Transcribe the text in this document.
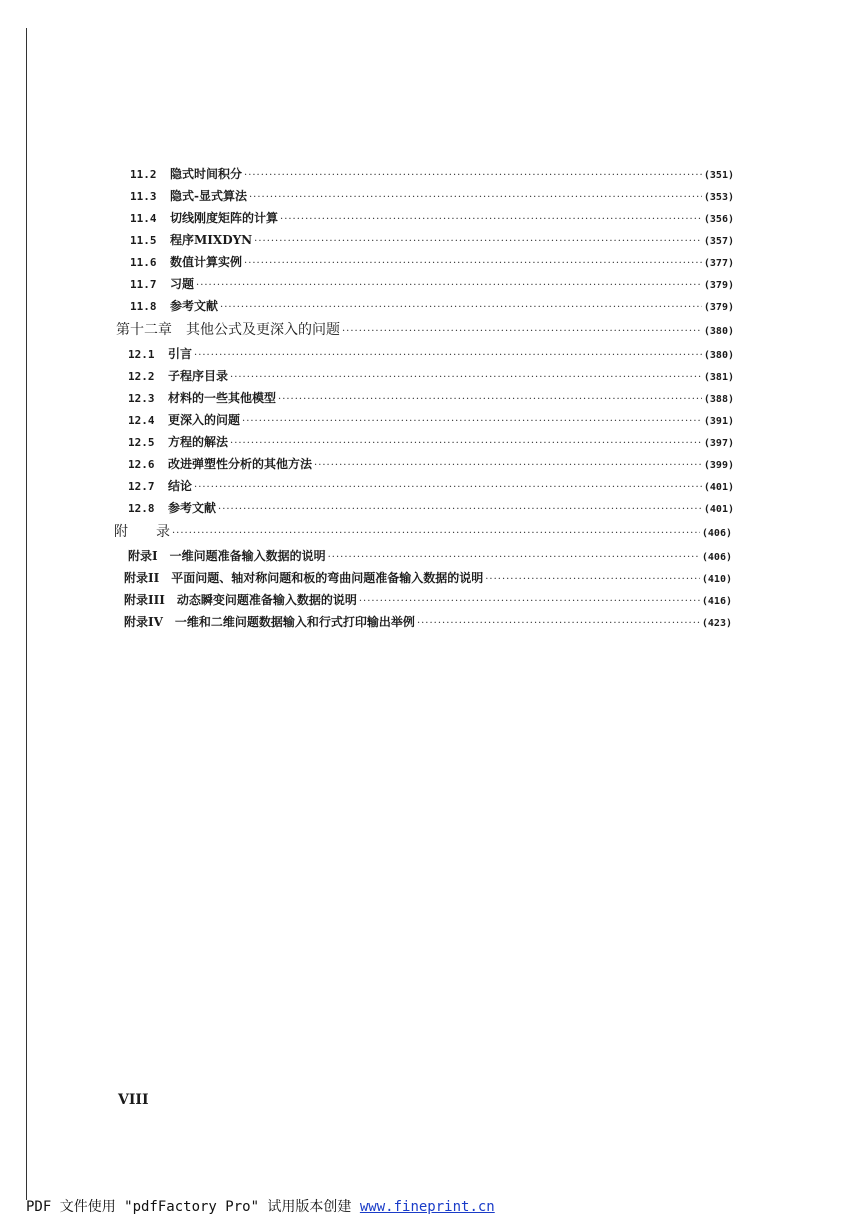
11.2	隐式时间积分 ·····	(351)
11.3	隐式-显式算法 ·····	(353)
11.4	切线刚度矩阵的计算 ·····	(356)
11.5	程序MIXDYN ·····	(357)
11.6	数值计算实例 ·····	(377)
11.7	习题 ·····	(379)
11.8	参考文献 ·····	(379)
第十二章　其他公式及更深入的问题 ·····	(380)
12.1	引言 ·····	(380)
12.2	子程序目录 ·····	(381)
12.3	材料的一些其他模型 ·····	(388)
12.4	更深入的问题 ·····	(391)
12.5	方程的解法 ·····	(397)
12.6	改进弹塑性分析的其他方法 ·····	(399)
12.7	结论 ·····	(401)
12.8	参考文献 ·····	(401)
附　　录 ·····	(406)
附录I　一维问题准备输入数据的说明 ·····	(406)
附录II　平面问题、轴对称问题和板的弯曲问题准备输入数据的说明 ·····	(410)
附录III　动态瞬变问题准备输入数据的说明 ·····	(416)
附录IV　一维和二维问题数据输入和行式打印输出举例 ·····	(423)
VIII
PDF 文件使用 "pdfFactory Pro" 试用版本创建 www.fineprint.cn
